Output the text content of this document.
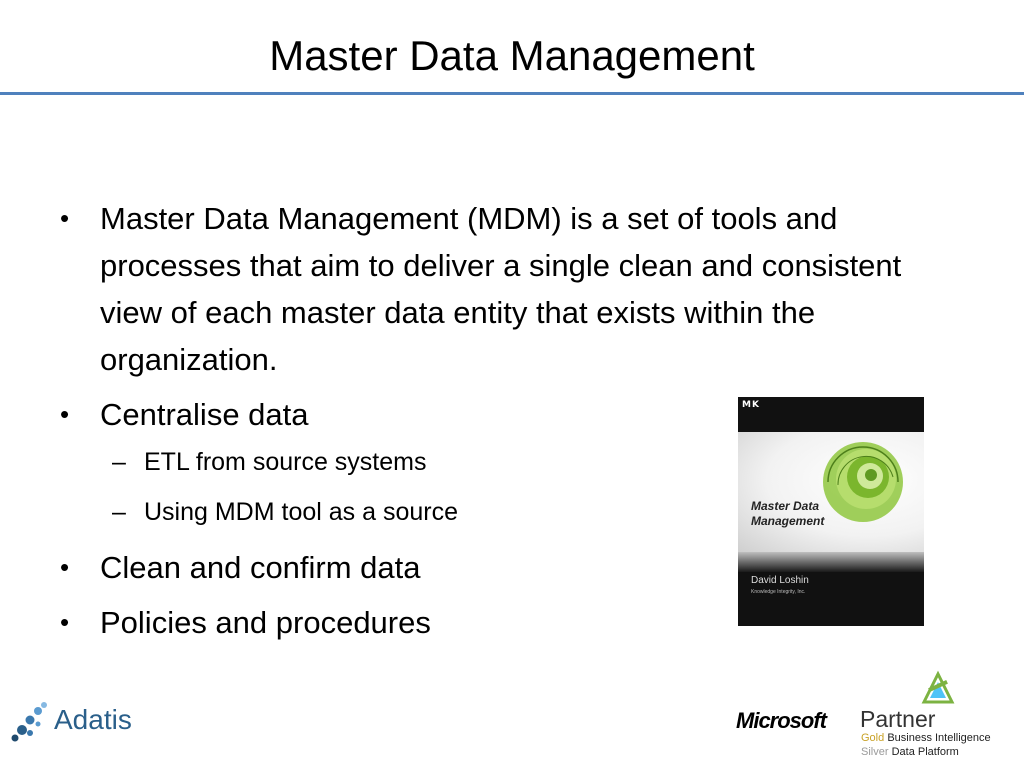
Master Data Management
• Master Data Management (MDM) is a set of tools and processes that aim to deliver a single clean and consistent view of each master data entity that exists within the organization.
• Centralise data
– ETL from source systems
– Using MDM tool as a source
• Clean and confirm data
• Policies and procedures
MK
Master Data Management
David Loshin
Knowledge Integrity, Inc.
Adatis	Microsoft Partner
Gold Business Intelligence
Silver Data Platform
